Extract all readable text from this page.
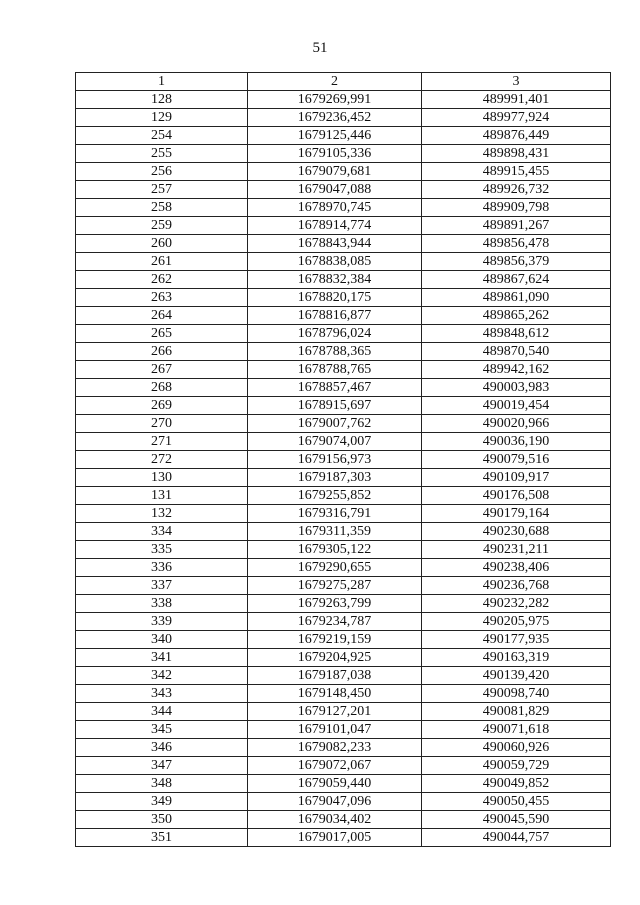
51
1	2	3
128	1679269,991	489991,401
129	1679236,452	489977,924
254	1679125,446	489876,449
255	1679105,336	489898,431
256	1679079,681	489915,455
257	1679047,088	489926,732
258	1678970,745	489909,798
259	1678914,774	489891,267
260	1678843,944	489856,478
261	1678838,085	489856,379
262	1678832,384	489867,624
263	1678820,175	489861,090
264	1678816,877	489865,262
265	1678796,024	489848,612
266	1678788,365	489870,540
267	1678788,765	489942,162
268	1678857,467	490003,983
269	1678915,697	490019,454
270	1679007,762	490020,966
271	1679074,007	490036,190
272	1679156,973	490079,516
130	1679187,303	490109,917
131	1679255,852	490176,508
132	1679316,791	490179,164
334	1679311,359	490230,688
335	1679305,122	490231,211
336	1679290,655	490238,406
337	1679275,287	490236,768
338	1679263,799	490232,282
339	1679234,787	490205,975
340	1679219,159	490177,935
341	1679204,925	490163,319
342	1679187,038	490139,420
343	1679148,450	490098,740
344	1679127,201	490081,829
345	1679101,047	490071,618
346	1679082,233	490060,926
347	1679072,067	490059,729
348	1679059,440	490049,852
349	1679047,096	490050,455
350	1679034,402	490045,590
351	1679017,005	490044,757
